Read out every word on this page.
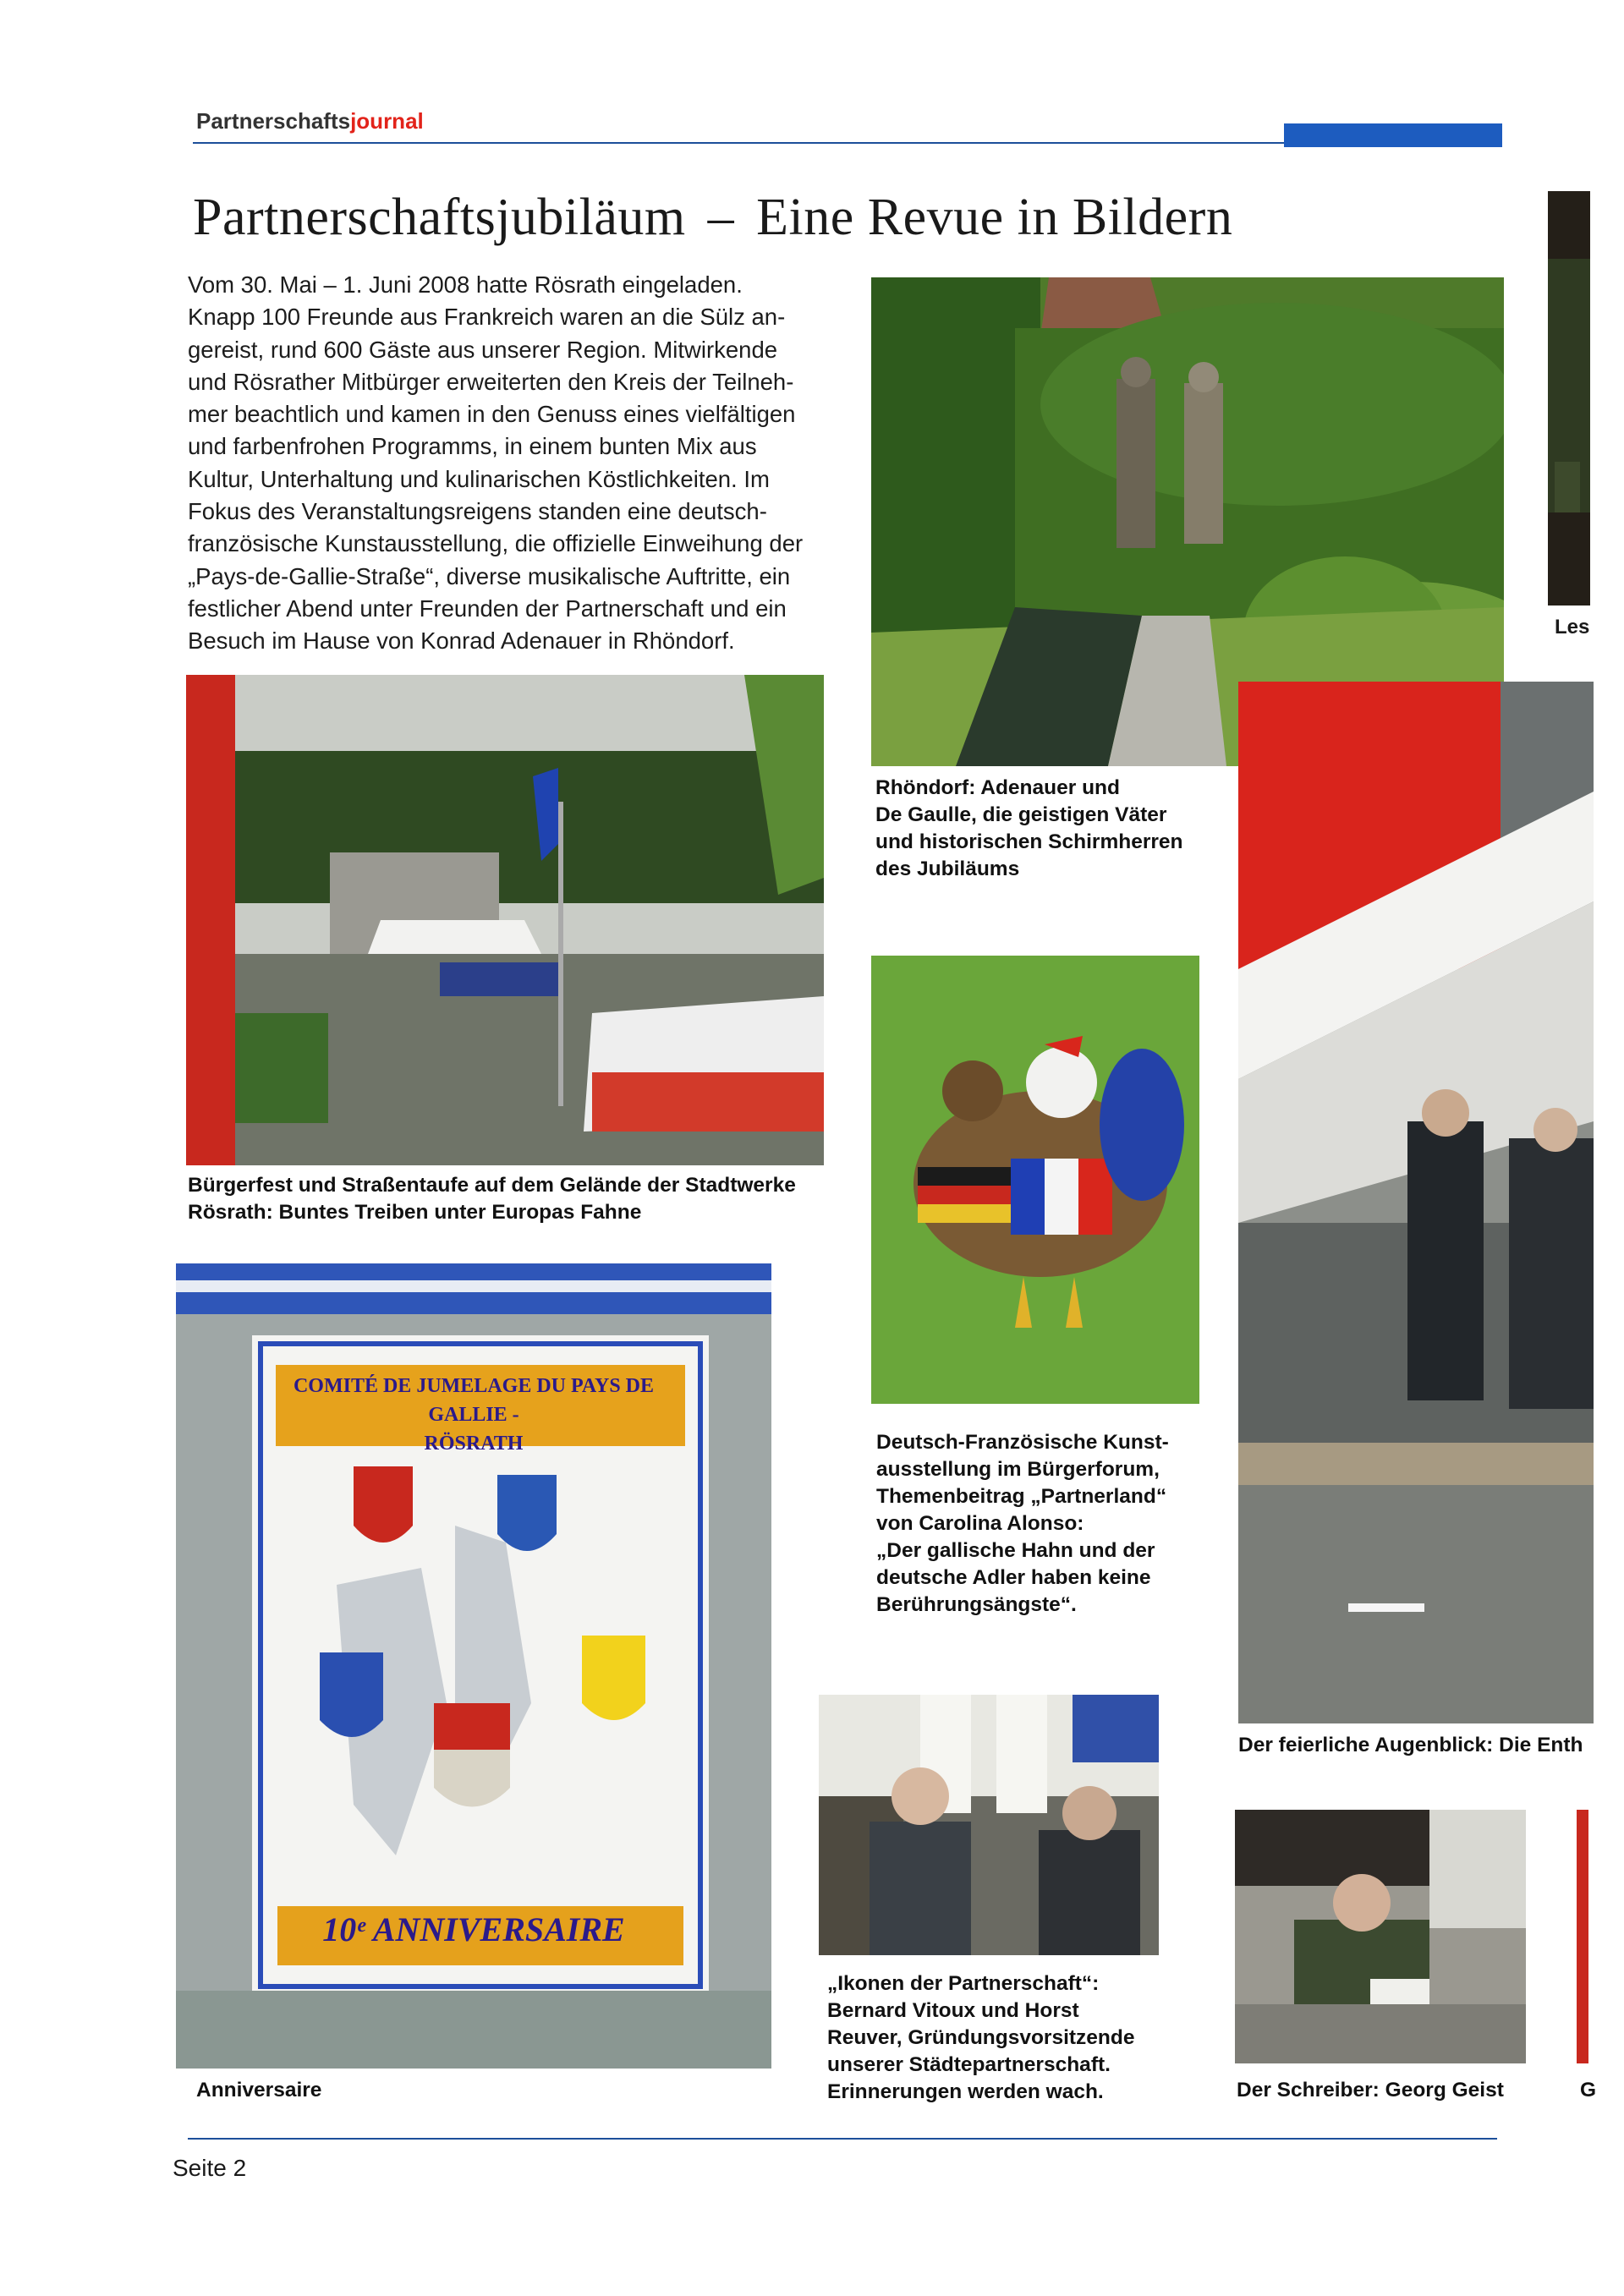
Partnerschaftsjournal
Partnerschaftsjubiläum – Eine Revue in Bildern

Vom 30. Mai – 1. Juni 2008 hatte Rösrath eingeladen.

Knapp 100 Freunde aus Frankreich waren an die Sülz an-

gereist, rund 600 Gäste aus unserer Region. Mitwirkende

und Rösrather Mitbürger erweiterten den Kreis der Teilneh-

mer beachtlich und kamen in den Genuss eines vielfältigen

und farbenfrohen Programms, in einem bunten Mix aus

Kultur, Unterhaltung und kulinarischen Köstlichkeiten. Im

Fokus des Veranstaltungsreigens standen eine deutsch-

französische Kunstausstellung, die offizielle Einweihung der

„Pays-de-Gallie-Straße“, diverse musikalische Auftritte, ein

festlicher Abend unter Freunden der Partnerschaft und ein

Besuch im Hause von Konrad Adenauer in Rhöndorf.

Les
Rhöndorf: Adenauer und
De Gaulle, die geistigen Väter
und historischen Schirmherren
des Jubiläums
Bürgerfest und Straßentaufe auf dem Gelände der Stadtwerke
Rösrath: Buntes Treiben unter Europas Fahne
COMITÉ DE JUMELAGE DU PAYS DE GALLIE -
RÖSRATH
10ᵉ ANNIVERSAIRE
Deutsch-Französische Kunst-
ausstellung im Bürgerforum,
Themenbeitrag „Partnerland“
von Carolina Alonso:
„Der gallische Hahn und der
deutsche Adler haben keine
Berührungsängste“.
Der feierliche Augenblick: Die Enth
„Ikonen der Partnerschaft“:
Bernard Vitoux und Horst
Reuver, Gründungsvorsitzende
unserer Städtepartnerschaft.
Erinnerungen werden wach.
Anniversaire	Der Schreiber: Georg Geist	G
Seite 2
